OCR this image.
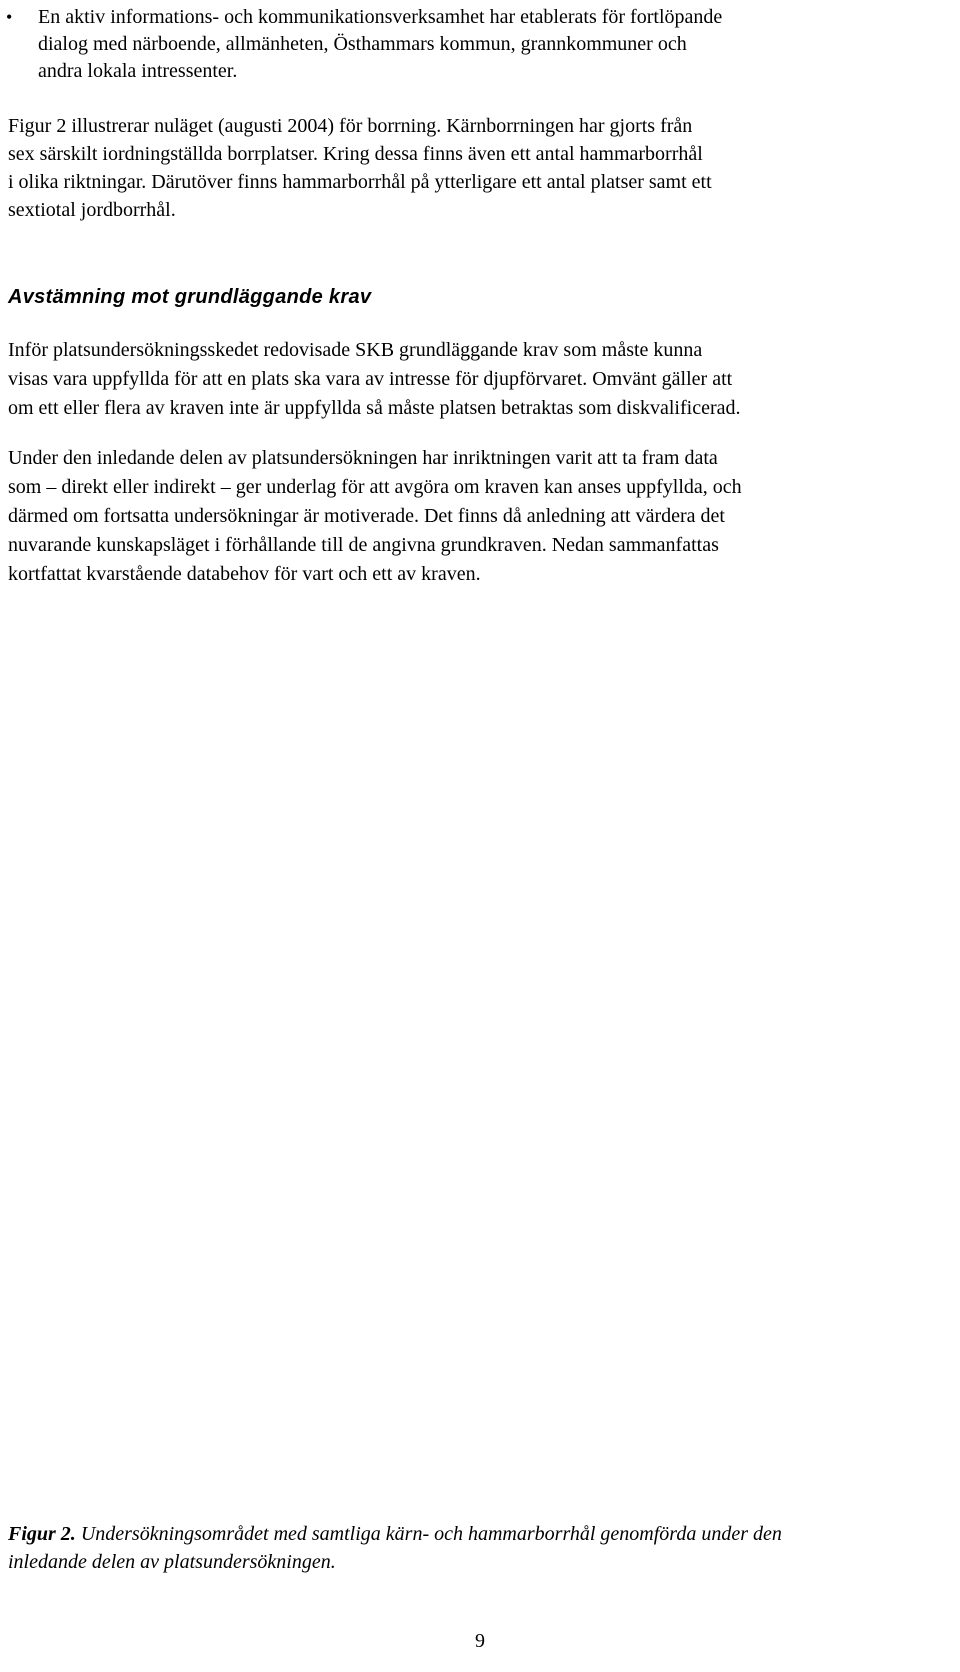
•	En aktiv informations- och kommunikationsverksamhet har etablerats för fortlöpande
dialog med närboende, allmänheten, Östhammars kommun, grannkommuner och
andra lokala intressenter.

Figur 2 illustrerar nuläget (augusti 2004) för borrning. Kärnborrningen har gjorts från
sex särskilt iordningställda borrplatser. Kring dessa finns även ett antal hammarborrhål
i olika riktningar. Därutöver finns hammarborrhål på ytterligare ett antal platser samt ett
sextiotal jordborrhål.

Avstämning mot grundläggande krav

Inför platsundersökningsskedet redovisade SKB grundläggande krav som måste kunna
visas vara uppfyllda för att en plats ska vara av intresse för djupförvaret. Omvänt gäller att
om ett eller flera av kraven inte är uppfyllda så måste platsen betraktas som diskvalificerad.

Under den inledande delen av platsundersökningen har inriktningen varit att ta fram data
som – direkt eller indirekt – ger underlag för att avgöra om kraven kan anses uppfyllda, och
därmed om fortsatta undersökningar är motiverade. Det finns då anledning att värdera det
nuvarande kunskapsläget i förhållande till de angivna grundkraven. Nedan sammanfattas
kortfattat kvarstående databehov för vart och ett av kraven.

Figur 2. Undersökningsområdet med samtliga kärn- och hammarborrhål genomförda under den
inledande delen av platsundersökningen.

9
